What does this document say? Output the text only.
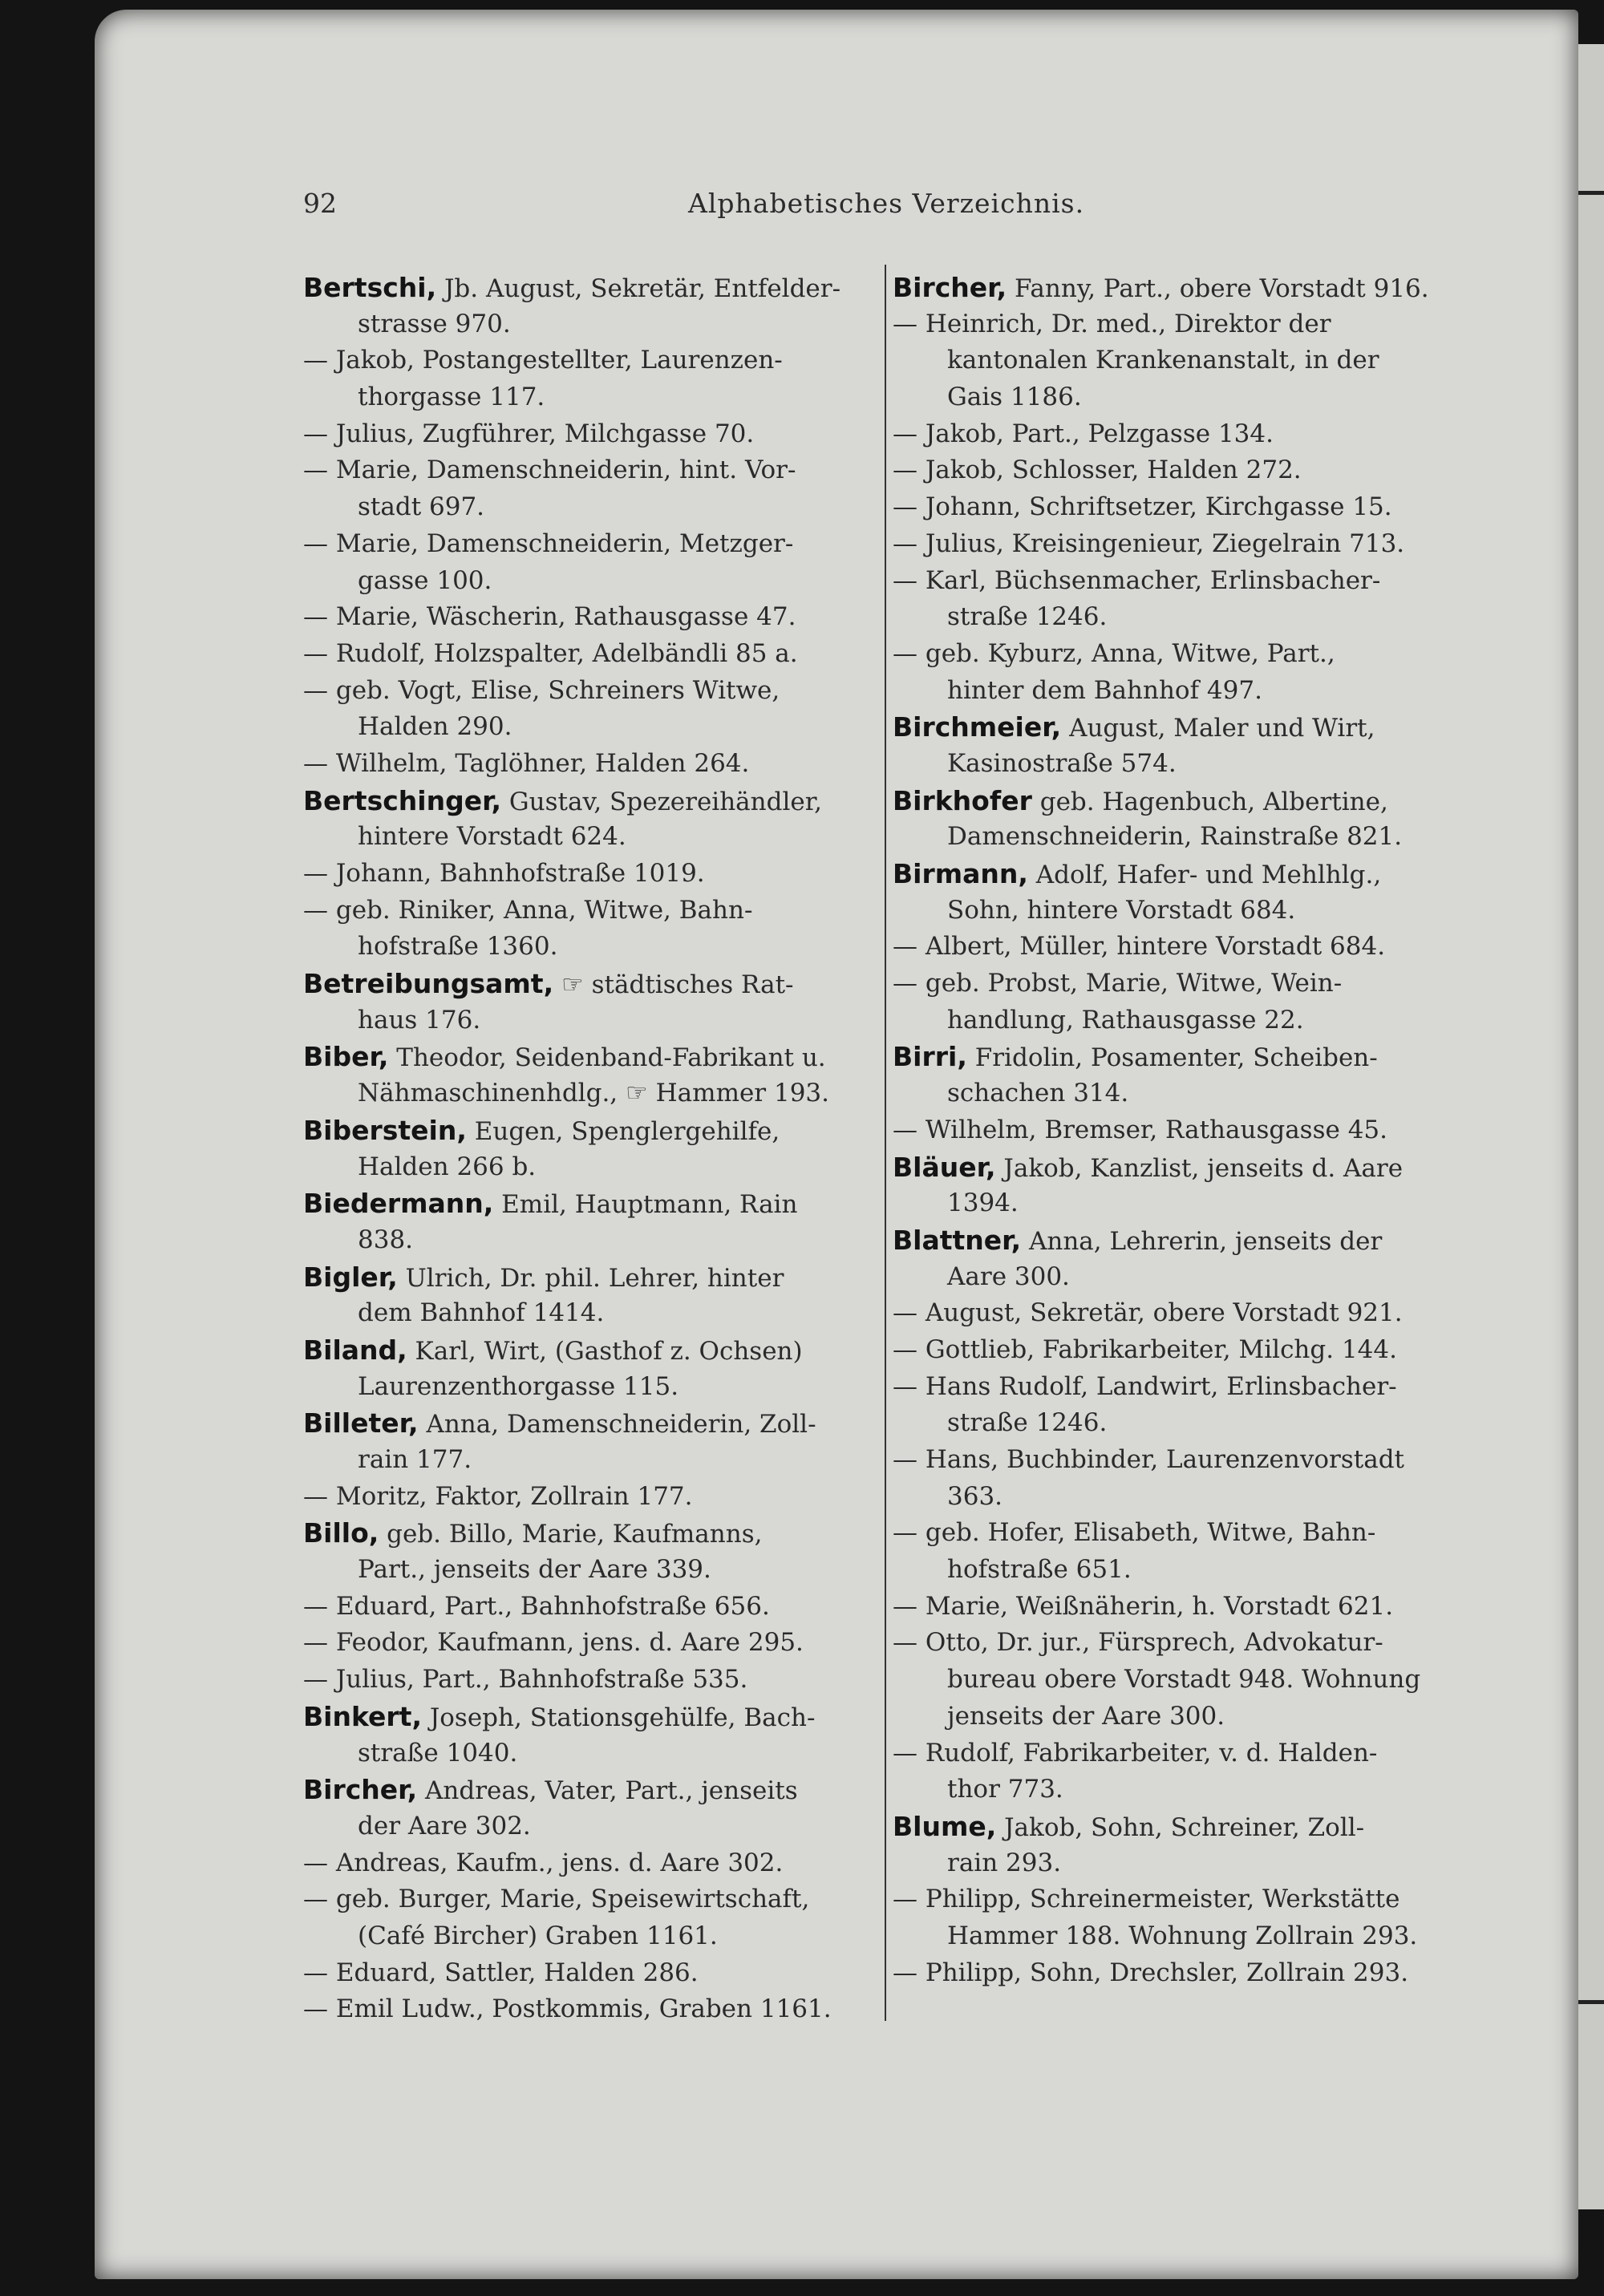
92	Alphabetisches Verzeichnis.
Bertschi, Jb. August, Sekretär, Entfelder-
strasse 970.
— Jakob, Postangestellter, Laurenzen-
thorgasse 117.
— Julius, Zugführer, Milchgasse 70.
— Marie, Damenschneiderin, hint. Vor-
stadt 697.
— Marie, Damenschneiderin, Metzger-
gasse 100.
— Marie, Wäscherin, Rathausgasse 47.
— Rudolf, Holzspalter, Adelbändli 85 a.
— geb. Vogt, Elise, Schreiners Witwe,
Halden 290.
— Wilhelm, Taglöhner, Halden 264.
Bertschinger, Gustav, Spezereihändler,
hintere Vorstadt 624.
— Johann, Bahnhofstraße 1019.
— geb. Riniker, Anna, Witwe, Bahn-
hofstraße 1360.
Betreibungsamt, ☞ städtisches Rat-
haus 176.
Biber, Theodor, Seidenband-Fabrikant u.
Nähmaschinenhdlg., ☞ Hammer 193.
Biberstein, Eugen, Spenglergehilfe,
Halden 266 b.
Biedermann, Emil, Hauptmann, Rain
838.
Bigler, Ulrich, Dr. phil. Lehrer, hinter
dem Bahnhof 1414.
Biland, Karl, Wirt, (Gasthof z. Ochsen)
Laurenzenthorgasse 115.
Billeter, Anna, Damenschneiderin, Zoll-
rain 177.
— Moritz, Faktor, Zollrain 177.
Billo, geb. Billo, Marie, Kaufmanns,
Part., jenseits der Aare 339.
— Eduard, Part., Bahnhofstraße 656.
— Feodor, Kaufmann, jens. d. Aare 295.
— Julius, Part., Bahnhofstraße 535.
Binkert, Joseph, Stationsgehülfe, Bach-
straße 1040.
Bircher, Andreas, Vater, Part., jenseits
der Aare 302.
— Andreas, Kaufm., jens. d. Aare 302.
— geb. Burger, Marie, Speisewirtschaft,
(Café Bircher) Graben 1161.
— Eduard, Sattler, Halden 286.
— Emil Ludw., Postkommis, Graben 1161.
Bircher, Fanny, Part., obere Vorstadt 916.
— Heinrich, Dr. med., Direktor der
kantonalen Krankenanstalt, in der
Gais 1186.
— Jakob, Part., Pelzgasse 134.
— Jakob, Schlosser, Halden 272.
— Johann, Schriftsetzer, Kirchgasse 15.
— Julius, Kreisingenieur, Ziegelrain 713.
— Karl, Büchsenmacher, Erlinsbacher-
straße 1246.
— geb. Kyburz, Anna, Witwe, Part.,
hinter dem Bahnhof 497.
Birchmeier, August, Maler und Wirt,
Kasinostraße 574.
Birkhofer geb. Hagenbuch, Albertine,
Damenschneiderin, Rainstraße 821.
Birmann, Adolf, Hafer- und Mehlhlg.,
Sohn, hintere Vorstadt 684.
— Albert, Müller, hintere Vorstadt 684.
— geb. Probst, Marie, Witwe, Wein-
handlung, Rathausgasse 22.
Birri, Fridolin, Posamenter, Scheiben-
schachen 314.
— Wilhelm, Bremser, Rathausgasse 45.
Bläuer, Jakob, Kanzlist, jenseits d. Aare
1394.
Blattner, Anna, Lehrerin, jenseits der
Aare 300.
— August, Sekretär, obere Vorstadt 921.
— Gottlieb, Fabrikarbeiter, Milchg. 144.
— Hans Rudolf, Landwirt, Erlinsbacher-
straße 1246.
— Hans, Buchbinder, Laurenzenvorstadt
363.
— geb. Hofer, Elisabeth, Witwe, Bahn-
hofstraße 651.
— Marie, Weißnäherin, h. Vorstadt 621.
— Otto, Dr. jur., Fürsprech, Advokatur-
bureau obere Vorstadt 948. Wohnung
jenseits der Aare 300.
— Rudolf, Fabrikarbeiter, v. d. Halden-
thor 773.
Blume, Jakob, Sohn, Schreiner, Zoll-
rain 293.
— Philipp, Schreinermeister, Werkstätte
Hammer 188. Wohnung Zollrain 293.
— Philipp, Sohn, Drechsler, Zollrain 293.
